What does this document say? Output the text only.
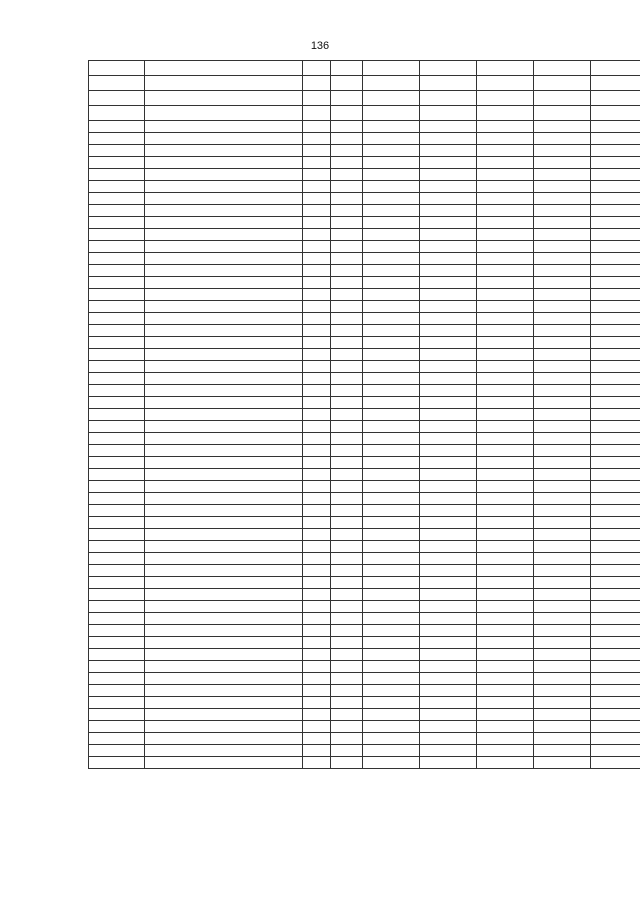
136
